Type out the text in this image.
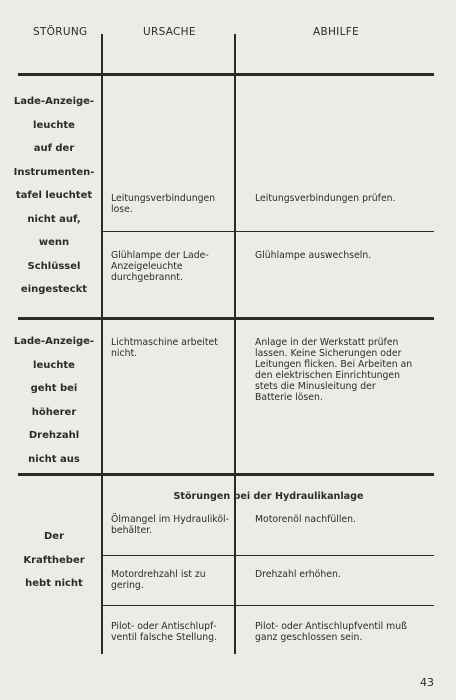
STÖRUNG	URSACHE	ABHILFE
Lade-Anzeige-
leuchte
auf der
Instrumenten-
tafel leuchtet
nicht auf,
wenn
Schlüssel
eingesteckt
Leitungsverbindungen lose.
Leitungsverbindungen prüfen.
Glühlampe der Lade-Anzeigeleuchte durchgebrannt.
Glühlampe auswechseln.
Lade-Anzeige-
leuchte
geht bei
höherer
Drehzahl
nicht aus
Lichtmaschine arbeitet nicht.
Anlage in der Werkstatt prüfen lassen. Keine Sicherungen oder Leitungen flicken. Bei Arbeiten an den elektrischen Einrichtungen stets die Minusleitung der Batterie lösen.
Störungen bei der Hydraulikanlage
Der
Kraftheber
hebt nicht
Ölmangel im Hydraulikölbehälter.
Motorenöl nachfüllen.
Motordrehzahl ist zu gering.
Drehzahl erhöhen.
Pilot- oder Antischlupfventil falsche Stellung.
Pilot- oder Antischlupfventil muß ganz geschlossen sein.
43
